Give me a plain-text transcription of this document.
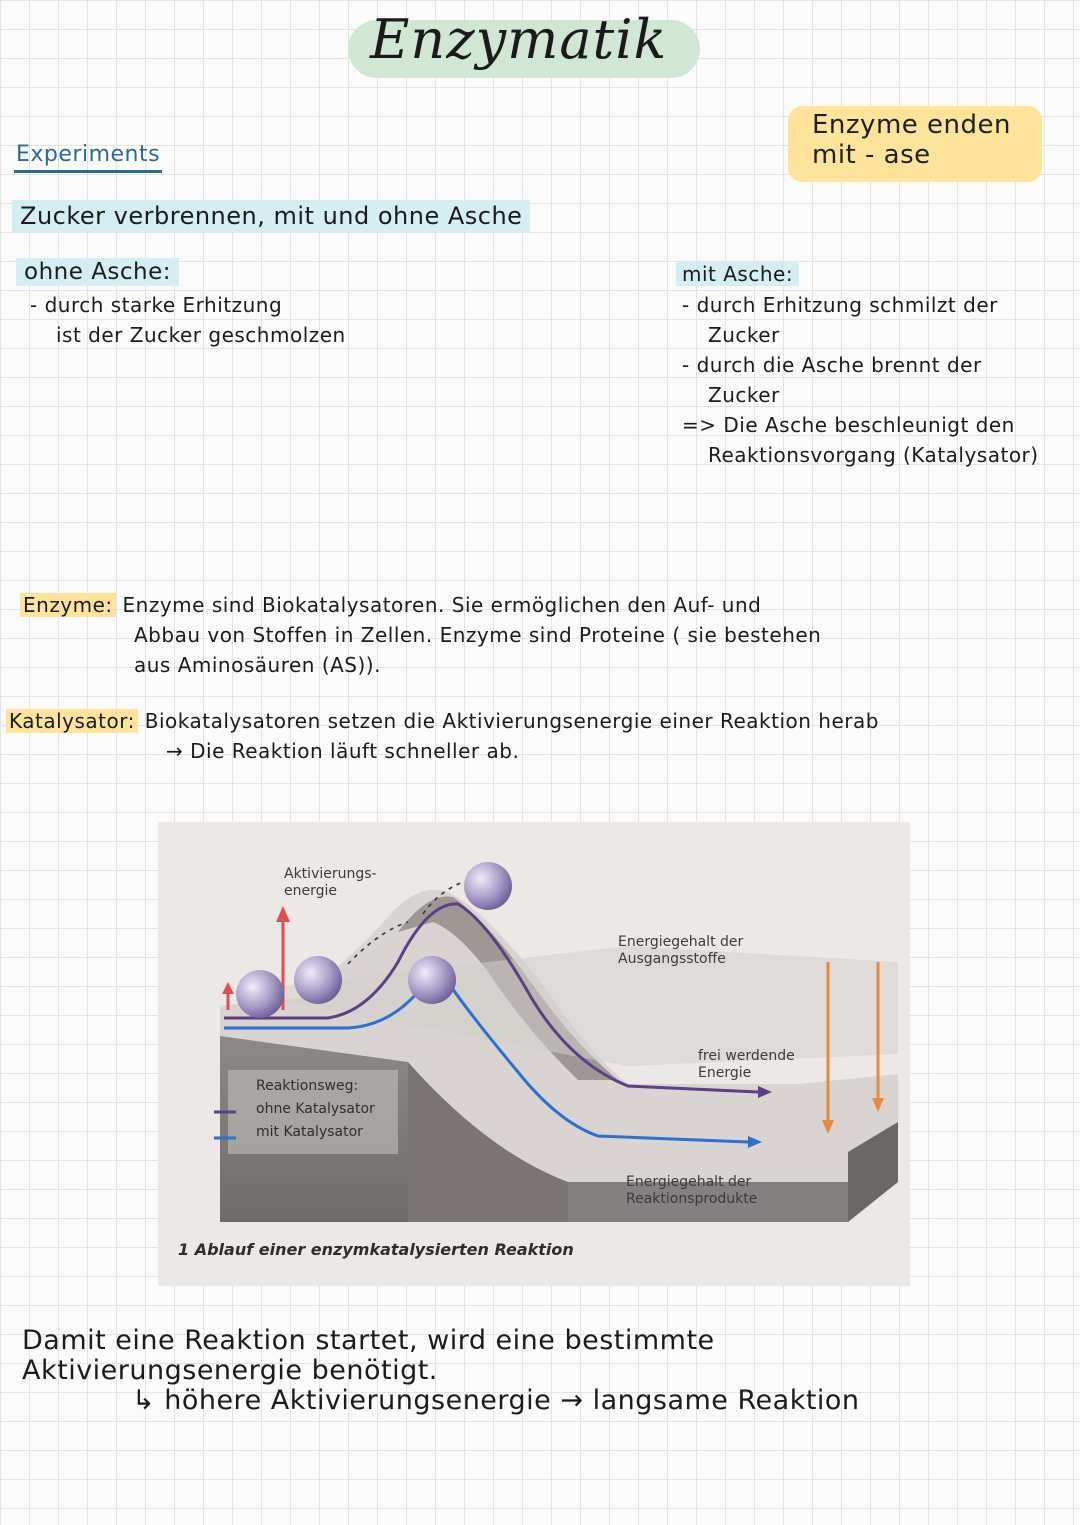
Enzymatik
Enzyme enden
mit - ase
Experiments
Zucker verbrennen, mit und ohne Asche
ohne Asche:
- durch starke Erhitzung
ist der Zucker geschmolzen
mit Asche:
- durch Erhitzung schmilzt der
Zucker
- durch die Asche brennt der
Zucker
=> Die Asche beschleunigt den
Reaktionsvorgang (Katalysator)
Enzyme: Enzyme sind Biokatalysatoren. Sie ermöglichen den Auf- und
Abbau von Stoffen in Zellen. Enzyme sind Proteine ( sie bestehen
aus Aminosäuren (AS)).
Katalysator: Biokatalysatoren setzen die Aktivierungsenergie einer Reaktion herab
→ Die Reaktion läuft schneller ab.
Aktivierungs-
energie
Energiegehalt der
Ausgangsstoffe
frei werdende
Energie
Reaktionsweg:
ohne Katalysator
mit Katalysator
Energiegehalt der
Reaktionsprodukte
1 Ablauf einer enzymkatalysierten Reaktion
Damit eine Reaktion startet, wird eine bestimmte
Aktivierungsenergie benötigt.
↳ höhere Aktivierungsenergie → langsame Reaktion
